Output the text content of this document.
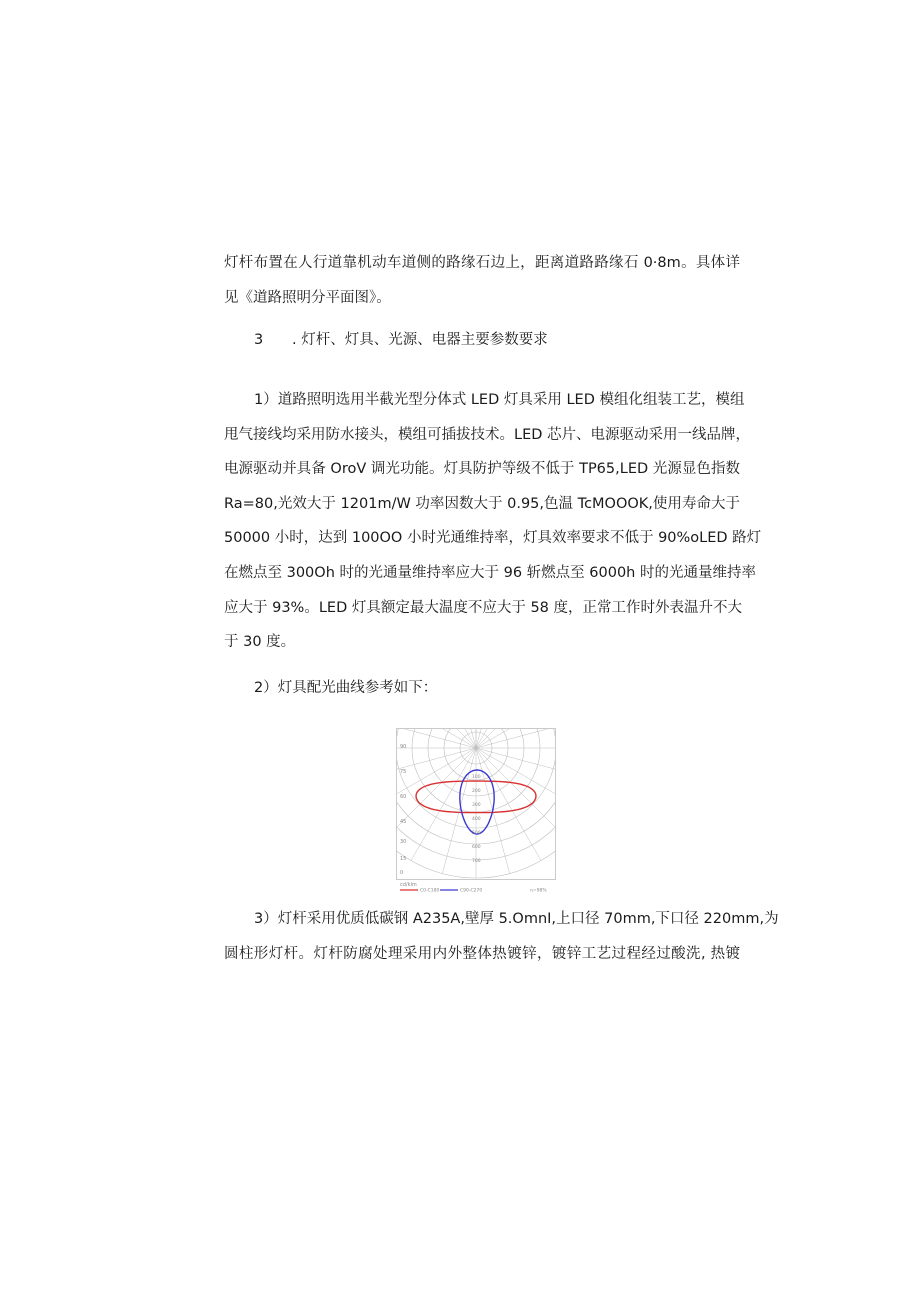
灯杆布置在人行道靠机动车道侧的路缘石边上，距离道路路缘石 0·8m。具体详
见《道路照明分平面图》。
3 . 灯杆、灯具、光源、电器主要参数要求
1）道路照明选用半截光型分体式 LED 灯具采用 LED 模组化组装工艺，模组
甩气接线均采用防水接头，模组可插拔技术。LED 芯片、电源驱动采用一线品牌，
电源驱动并具备 OroV 调光功能。灯具防护等级不低于 TP65,LED 光源显色指数
Ra=80,光效大于 1201m∕W 功率因数大于 0.95,色温 TcMOOOK,使用寿命大于
50000 小时，达到 100OO 小时光通维持率，灯具效率要求不低于 90%oLED 路灯
在燃点至 300Oh 时的光通量维持率应大于 96 斩燃点至 6000h 时的光通量维持率
应大于 93%。LED 灯具额定最大温度不应大于 58 度，正常工作时外表温升不大
于 30 度。
2）灯具配光曲线参考如下：
90
75
60
45
30
15
0
100
200
300
400
500
600
700
cd/klm
C0-C180	C90-C270	η=98%
3）灯杆采用优质低碳钢 A235A,壁厚 5.OmnI,上口径 70mm,下口径 220mm,为
圆柱形灯杆。灯杆防腐处理采用内外整体热镀锌，镀锌工艺过程经过酸洗, 热镀
